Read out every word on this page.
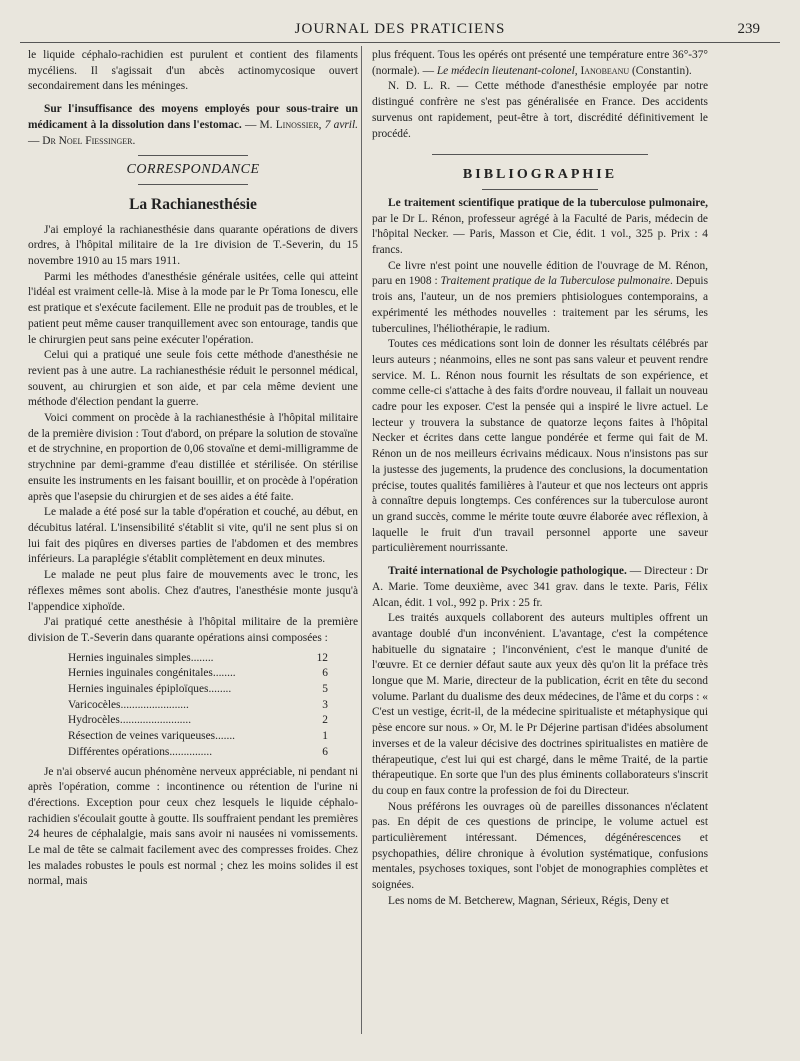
JOURNAL DES PRATICIENS	239

le liquide céphalo-rachidien est purulent et contient des filaments mycéliens. Il s'agissait d'un abcès actinomycosique ouvert secondairement dans les méninges.

Sur l'insuffisance des moyens employés pour sous-traire un médicament à la dissolution dans l'estomac. — M. Linossier, 7 avril. — Dr Noel Fiessinger.

CORRESPONDANCE
La Rachianesthésie

J'ai employé la rachianesthésie dans quarante opérations de divers ordres, à l'hôpital militaire de la 1re division de T.-Severin, du 15 novembre 1910 au 15 mars 1911.

Parmi les méthodes d'anesthésie générale usitées, celle qui atteint l'idéal est vraiment celle-là. Mise à la mode par le Pr Toma Ionescu, elle est pratique et s'exécute facilement. Elle ne produit pas de troubles, et le patient peut même causer tranquillement avec son entourage, tandis que le chirurgien peut sans peine exécuter l'opération.

Celui qui a pratiqué une seule fois cette méthode d'anesthésie ne revient pas à une autre. La rachianesthésie réduit le personnel médical, souvent, au chirurgien et son aide, et par cela même devient une méthode d'élection pendant la guerre.

Voici comment on procède à la rachianesthésie à l'hôpital militaire de la première division : Tout d'abord, on prépare la solution de stovaïne et de strychnine, en proportion de 0,06 stovaïne et demi-milligramme de strychnine par demi-gramme d'eau distillée et stérilisée. On stérilise ensuite les instruments en les faisant bouillir, et on procède à l'opération après que l'asepsie du chirurgien et de ses aides a été faite.

Le malade a été posé sur la table d'opération et couché, au début, en décubitus latéral. L'insensibilité s'établit si vite, qu'il ne sent plus si on lui fait des piqûres en diverses parties de l'abdomen et des membres inférieurs. La paraplégie s'établit complètement en deux minutes.

Le malade ne peut plus faire de mouvements avec le tronc, les réflexes mêmes sont abolis. Chez d'autres, l'anesthésie monte jusqu'à l'appendice xiphoïde.

J'ai pratiqué cette anesthésie à l'hôpital militaire de la première division de T.-Severin dans quarante opérations ainsi composées :

Hernies inguinales simples........	12
Hernies inguinales congénitales........	6
Hernies inguinales épiploïques........	5
Varicocèles........................	3
Hydrocèles.........................	2
Résection de veines variqueuses.......	1
Différentes opérations...............	6

Je n'ai observé aucun phénomène nerveux appréciable, ni pendant ni après l'opération, comme : incontinence ou rétention de l'urine ni d'érections. Exception pour ceux chez lesquels le liquide céphalo-rachidien s'écoulait goutte à goutte. Ils souffraient pendant les premières 24 heures de céphalalgie, mais sans avoir ni nausées ni vomissements. Le mal de tête se calmait facilement avec des compresses froides. Chez les malades robustes le pouls est normal ; chez les moins solides il est normal, mais

plus fréquent. Tous les opérés ont présenté une température entre 36°-37° (normale). — Le médecin lieutenant-colonel, Ianobeanu (Constantin).

N. D. L. R. — Cette méthode d'anesthésie employée par notre distingué confrère ne s'est pas généralisée en France. Des accidents survenus ont rapidement, peut-être à tort, discrédité définitivement le procédé.

BIBLIOGRAPHIE

Le traitement scientifique pratique de la tuberculose pulmonaire, par le Dr L. Rénon, professeur agrégé à la Faculté de Paris, médecin de l'hôpital Necker. — Paris, Masson et Cie, édit. 1 vol., 325 p. Prix : 4 francs.

Ce livre n'est point une nouvelle édition de l'ouvrage de M. Rénon, paru en 1908 : Traitement pratique de la Tuberculose pulmonaire. Depuis trois ans, l'auteur, un de nos premiers phtisiologues contemporains, a expérimenté les méthodes nouvelles : traitement par les sérums, les tuberculines, l'héliothérapie, le radium.

Toutes ces médications sont loin de donner les résultats célébrés par leurs auteurs ; néanmoins, elles ne sont pas sans valeur et peuvent rendre service. M. L. Rénon nous fournit les résultats de son expérience, et comme celle-ci s'attache à des faits d'ordre nouveau, il fallait un nouveau cadre pour les exposer. C'est la pensée qui a inspiré le livre actuel. Le lecteur y trouvera la substance de quatorze leçons faites à l'hôpital Necker et écrites dans cette langue pondérée et ferme qui fait de M. Rénon un de nos meilleurs écrivains médicaux. Nous n'insistons pas sur la justesse des jugements, la prudence des conclusions, la documentation précise, toutes qualités familières à l'auteur et que nos lecteurs ont appris à connaître depuis longtemps. Ces conférences sur la tuberculose auront un grand succès, comme le mérite toute œuvre élaborée avec réflexion, à laquelle le fruit d'un travail personnel apporte une saveur particulièrement nourrissante.

Traité international de Psychologie pathologique. — Directeur : Dr A. Marie. Tome deuxième, avec 341 grav. dans le texte. Paris, Félix Alcan, édit. 1 vol., 992 p. Prix : 25 fr.

Les traités auxquels collaborent des auteurs multiples offrent un avantage doublé d'un inconvénient. L'avantage, c'est la compétence habituelle du signataire ; l'inconvénient, c'est le manque d'unité de l'œuvre. Et ce dernier défaut saute aux yeux dès qu'on lit la préface très longue que M. Marie, directeur de la publication, écrit en tête du second volume. Parlant du dualisme des deux médecines, de l'âme et du corps : « C'est un vestige, écrit-il, de la médecine spiritualiste et métaphysique qui pèse encore sur nous. » Or, M. le Pr Déjerine partisan d'idées absolument inverses et de la valeur décisive des doctrines spiritualistes en matière de thérapeutique, c'est lui qui est chargé, dans le même Traité, de la partie thérapeutique. En sorte que l'un des plus éminents collaborateurs s'inscrit du coup en faux contre la profession de foi du Directeur.

Nous préférons les ouvrages où de pareilles dissonances n'éclatent pas. En dépit de ces questions de principe, le volume actuel est particulièrement intéressant. Démences, dégénérescences et psychopathies, délire chronique à évolution systématique, confusions mentales, psychoses toxiques, sont l'objet de monographies complètes et soignées.

Les noms de M. Betcherew, Magnan, Sérieux, Régis, Deny et
